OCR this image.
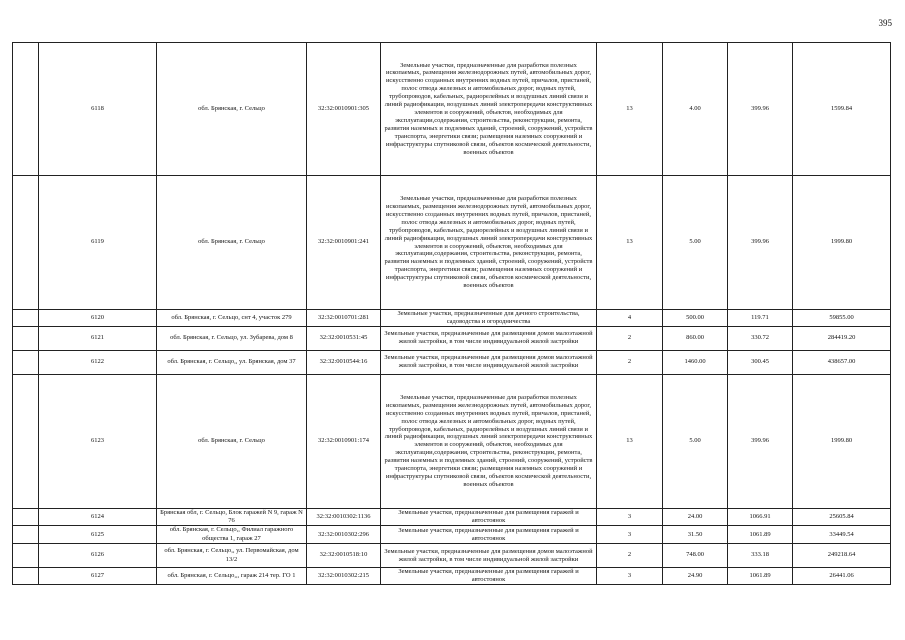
395
	6118	обл. Брянская, г. Сельцо	32:32:0010901:305	Земельные участки, предназначенные для разработки полезных ископаемых, размещения железнодорожных путей, автомобильных дорог, искусственно созданных внутренних водных путей, причалов, пристаней, полос отвода железных и автомобильных дорог, водных путей, трубопроводов, кабельных, радиорелейных и воздушных линий связи и линий радиофикации, воздушных линий электропередачи конструктивных элементов и сооружений, объектов, необходимых для эксплуатации,содержания, строительства, реконструкции, ремонта, развития наземных и подземных зданий, строений, сооружений, устройств транспорта, энергетики связи; размещения наземных сооружений и инфраструктуры спутниковой связи, объектов космической деятельности, военных объектов	13	4.00	399.96	1599.84
	6119	обл. Брянская, г. Сельцо	32:32:0010901:241	Земельные участки, предназначенные для разработки полезных ископаемых, размещения железнодорожных путей, автомобильных дорог, искусственно созданных внутренних водных путей, причалов, пристаней, полос отвода железных и автомобильных дорог, водных путей, трубопроводов, кабельных, радиорелейных и воздушных линий связи и линий радиофикации, воздушных линий электропередачи конструктивных элементов и сооружений, объектов, необходимых для эксплуатации,содержания, строительства, реконструкции, ремонта, развития наземных и подземных зданий, строений, сооружений, устройств транспорта, энергетики связи; размещения наземных сооружений и инфраструктуры спутниковой связи, объектов космической деятельности, военных объектов	13	5.00	399.96	1999.80
	6120	обл. Брянская, г. Сельцо, снт 4, участок 279	32:32:0010701:281	Земельные участки, предназначенные для дачного строительства, садоводства и огородничества	4	500.00	119.71	59855.00
	6121	обл. Брянская, г. Сельцо, ул. Зубарева, дом 8	32:32:0010531:45	Земельные участки, предназначенные для размещения домов малоэтажной жилой застройки, в том числе индивидуальной жилой застройки	2	860.00	330.72	284419.20
	6122	обл. Брянская, г. Сельцо,, ул. Брянская, дом 37	32:32:0010544:16	Земельные участки, предназначенные для размещения домов малоэтажной жилой застройки, в том числе индивидуальной жилой застройки	2	1460.00	300.45	438657.00
	6123	обл. Брянская, г. Сельцо	32:32:0010901:174	Земельные участки, предназначенные для разработки полезных ископаемых, размещения железнодорожных путей, автомобильных дорог, искусственно созданных внутренних водных путей, причалов, пристаней, полос отвода железных и автомобильных дорог, водных путей, трубопроводов, кабельных, радиорелейных и воздушных линий связи и линий радиофикации, воздушных линий электропередачи конструктивных элементов и сооружений, объектов, необходимых для эксплуатации,содержания, строительства, реконструкции, ремонта, развития наземных и подземных зданий, строений, сооружений, устройств транспорта, энергетики связи; размещения наземных сооружений и инфраструктуры спутниковой связи, объектов космической деятельности, военных объектов	13	5.00	399.96	1999.80
	6124	Брянская обл, г. Сельцо, Блок гаражей N 9, гараж N 76	32:32:0010302:1136	Земельные участки, предназначенные для размещения гаражей и автостоянок	3	24.00	1066.91	25605.84
	6125	обл. Брянская, г. Сельцо,, Филиал гаражного общества 1, гараж 27	32:32:0010302:296	Земельные участки, предназначенные для размещения гаражей и автостоянок	3	31.50	1061.89	33449.54
	6126	обл. Брянская, г. Сельцо,, ул. Первомайская, дом 13/2	32:32:0010518:10	Земельные участки, предназначенные для размещения домов малоэтажной жилой застройки, в том числе индивидуальной жилой застройки	2	748.00	333.18	249218.64
	6127	обл. Брянская, г. Сельцо,,, гараж 214 тер. ГО 1	32:32:0010302:215	Земельные участки, предназначенные для размещения гаражей и автостоянок	3	24.90	1061.89	26441.06
